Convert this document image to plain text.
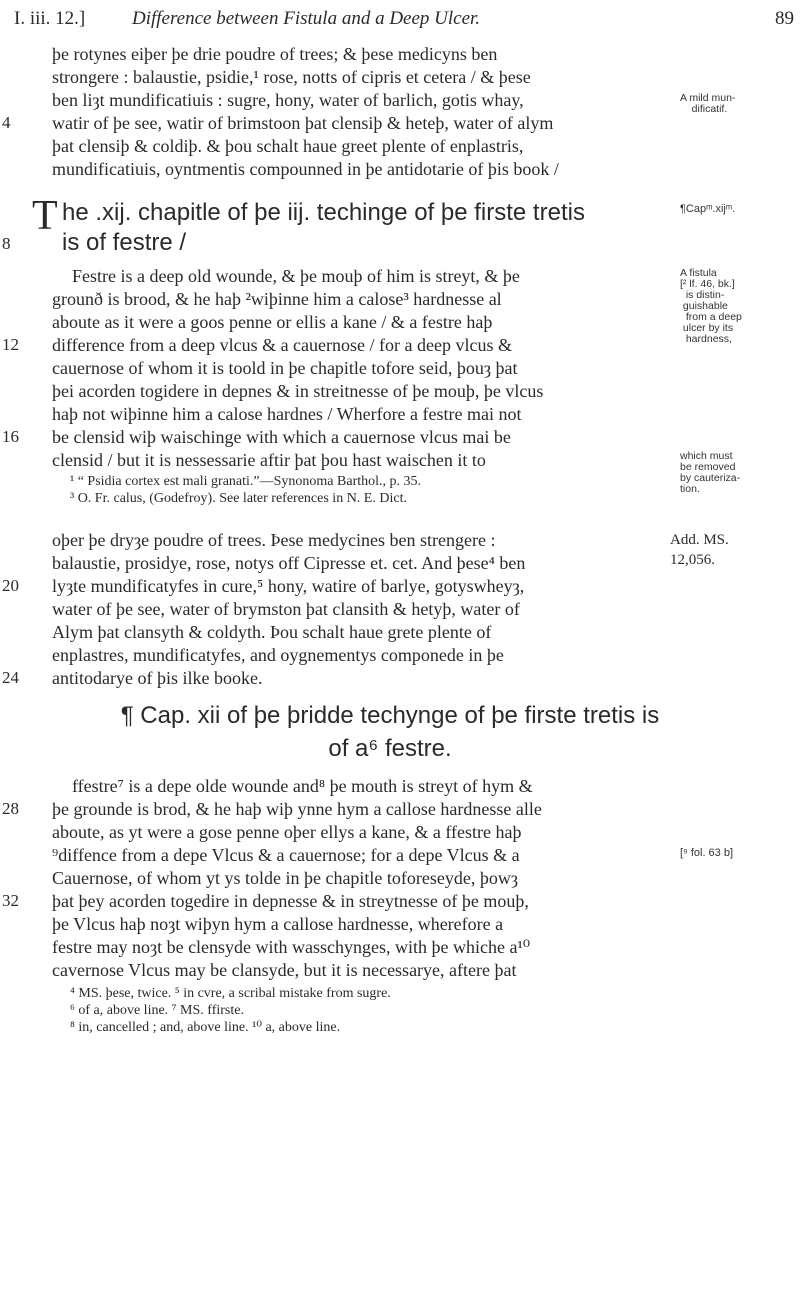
I. iii. 12.] Difference between Fistula and a Deep Ulcer.	89
þe rotynes eiþer þe drie poudre of trees; & þese medicyns ben
strongere : balaustie, psidie,¹ rose, notts of cipris et cetera / & þese
ben liȝt mundificatiuis : sugre, hony, water of barlich, gotis whay,
watir of þe see, watir of brimstoon þat clensiþ & heteþ, water of alym
þat clensiþ & coldiþ. & þou schalt haue greet plente of enplastris,
mundificatiuis, oyntmentis compounned in þe antidotarie of þis book /
4
A mild mun-
dificatif.
T he .xij. chapitle of þe iij. techinge of þe firste tretis
is of festre /
8
¶Capᵐ.xijᵐ.
Festre is a deep old wounde, & þe mouþ of him is streyt, & þe
grounð is brood, & he haþ ²wiþinne him a calose³ hardnesse al
aboute as it were a goos penne or ellis a kane / & a festre haþ
difference from a deep vlcus & a cauernose / for a deep vlcus &
cauernose of whom it is toold in þe chapitle tofore seid, þouȝ þat
þei acorden togidere in depnes & in streitnesse of þe mouþ, þe vlcus
haþ not wiþinne him a calose hardnes / Wherfore a festre mai not
be clensid wiþ waischinge with which a cauernose vlcus mai be
clensid / but it is nessessarie aftir þat þou hast waischen it to
12
16
A fistula
[² lf. 46, bk.]
is distin-
guishable
from a deep
ulcer by its
hardness,
which must
be removed
by cauteriza-
tion.
¹ “ Psidia cortex est mali granati.”—Synonoma Barthol., p. 35.
³ O. Fr. calus, (Godefroy). See later references in N. E. Dict.
oþer þe dryȝe poudre of trees. Þese medycines ben strengere :
balaustie, prosidye, rose, notys off Cipresse et. cet. And þese⁴ ben
lyȝte mundificatyfes in cure,⁵ hony, watire of barlye, gotyswheyȝ,
water of þe see, water of brymston þat clansith & hetyþ, water of
Alym þat clansyth & coldyth. Þou schalt haue grete plente of
enplastres, mundificatyfes, and oygnementys componede in þe
antitodarye of þis ilke booke.
Add. MS.
12,056.
20
24
¶ Cap. xii of þe þridde techynge of þe firste tretis is
of a⁶ festre.
ffestre⁷ is a depe olde wounde and⁸ þe mouth is streyt of hym &
þe grounde is brod, & he haþ wiþ ynne hym a callose hardnesse alle
aboute, as yt were a gose penne oþer ellys a kane, & a ffestre haþ
⁹diffence from a depe Vlcus & a cauernose; for a depe Vlcus & a
Cauernose, of whom yt ys tolde in þe chapitle toforeseyde, þowȝ
þat þey acorden togedire in depnesse & in streytnesse of þe mouþ,
þe Vlcus haþ noȝt wiþyn hym a callose hardnesse, wherefore a
festre may noȝt be clensyde with wasschynges, with þe whiche a¹⁰
cavernose Vlcus may be clansyde, but it is necessarye, aftere þat
28
32
[⁹ fol. 63 b]
⁴ MS. þese, twice. ⁵ in cvre, a scribal mistake from sugre.
⁶ of a, above line. ⁷ MS. ffirste.
⁸ in, cancelled ; and, above line. ¹⁰ a, above line.
